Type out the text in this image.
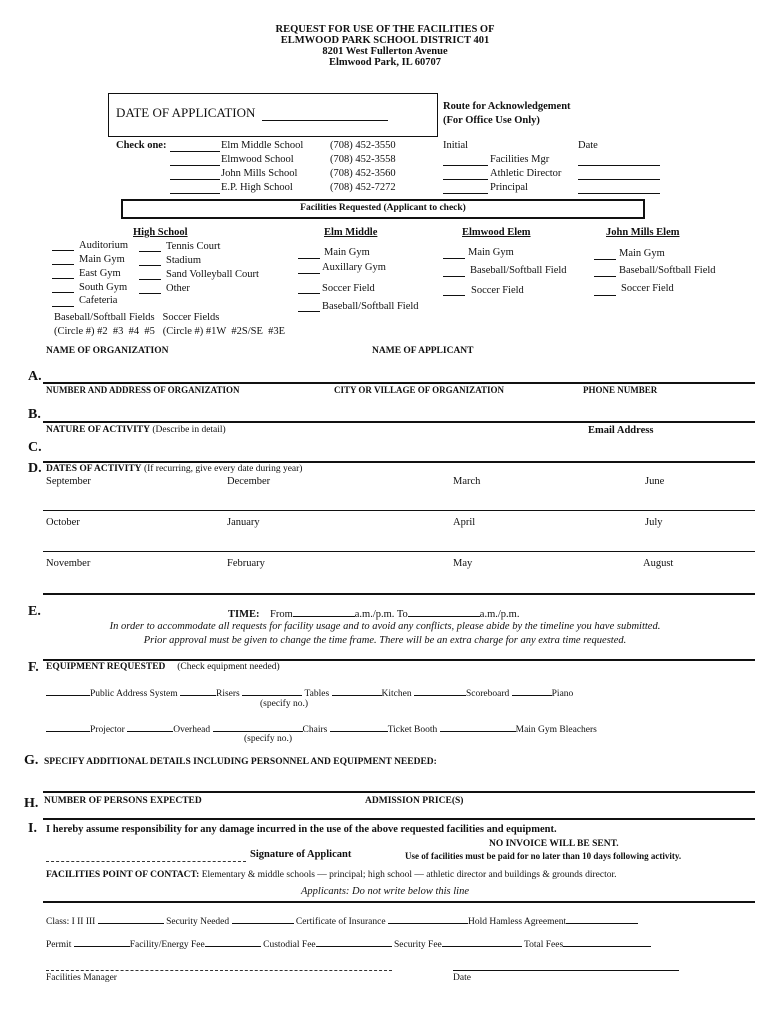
REQUEST FOR USE OF THE FACILITIES OF
ELMWOOD PARK SCHOOL DISTRICT 401
8201 West Fullerton Avenue
Elmwood Park, IL 60707
DATE OF APPLICATION	Route for Acknowledgement
(For Office Use Only)
Check one:	Elm Middle School	(708) 452-3550
Elmwood School	(708) 452-3558
John Mills School	(708) 452-3560
E.P. High School	(708) 452-7272
Initial	Date
Facilities Mgr
Athletic Director
Principal
Facilities Requested (Applicant to check)
High School
Auditorium
Main Gym
East Gym
South Gym
Cafeteria
Tennis Court
Stadium
Sand Volleyball Court
Other
Baseball/Softball Fields   Soccer Fields
(Circle #) #2  #3  #4  #5   (Circle #) #1W  #2S/SE  #3E
Elm Middle
Main Gym
Auxillary Gym
Soccer Field
Baseball/Softball Field
Elmwood Elem
Main Gym
Baseball/Softball Field
Soccer Field
John Mills Elem
Main Gym
Baseball/Softball Field
Soccer Field
NAME OF ORGANIZATION	NAME OF APPLICANT
A.
NUMBER AND ADDRESS OF ORGANIZATION	CITY OR VILLAGE OF ORGANIZATION	PHONE NUMBER
B.
NATURE OF ACTIVITY (Describe in detail)	Email Address
C.
D. DATES OF ACTIVITY (If recurring, give every date during year)
September	December	March	June
October	January	April	July
November	February	May	August
E.	TIME: From	a.m./p.m. To	a.m./p.m.
In order to accommodate all requests for facility usage and to avoid any conflicts, please abide by the timeline you have submitted.
Prior approval must be given to change the time frame. There will be an extra charge for any extra time requested.
F. EQUIPMENT REQUESTED (Check equipment needed)
Public Address System	Risers	Tables	Kitchen	Scoreboard	Piano
(specify no.)
Projector	Overhead	Chairs	Ticket Booth	Main Gym Bleachers
(specify no.)
G. SPECIFY ADDITIONAL DETAILS INCLUDING PERSONNEL AND EQUIPMENT NEEDED:
H. NUMBER OF PERSONS EXPECTED	ADMISSION PRICE(S)
I. I hereby assume responsibility for any damage incurred in the use of the above requested facilities and equipment.
NO INVOICE WILL BE SENT.
Signature of Applicant	Use of facilities must be paid for no later than 10 days following activity.
FACILITIES POINT OF CONTACT: Elementary & middle schools — principal; high school — athletic director and buildings & grounds director.
Applicants: Do not write below this line
Class: I II III	Security Needed	Certificate of Insurance	Hold Hamless Agreement
Permit	Facility/Energy Fee	Custodial Fee	Security Fee	Total Fees
Facilities Manager	Date
